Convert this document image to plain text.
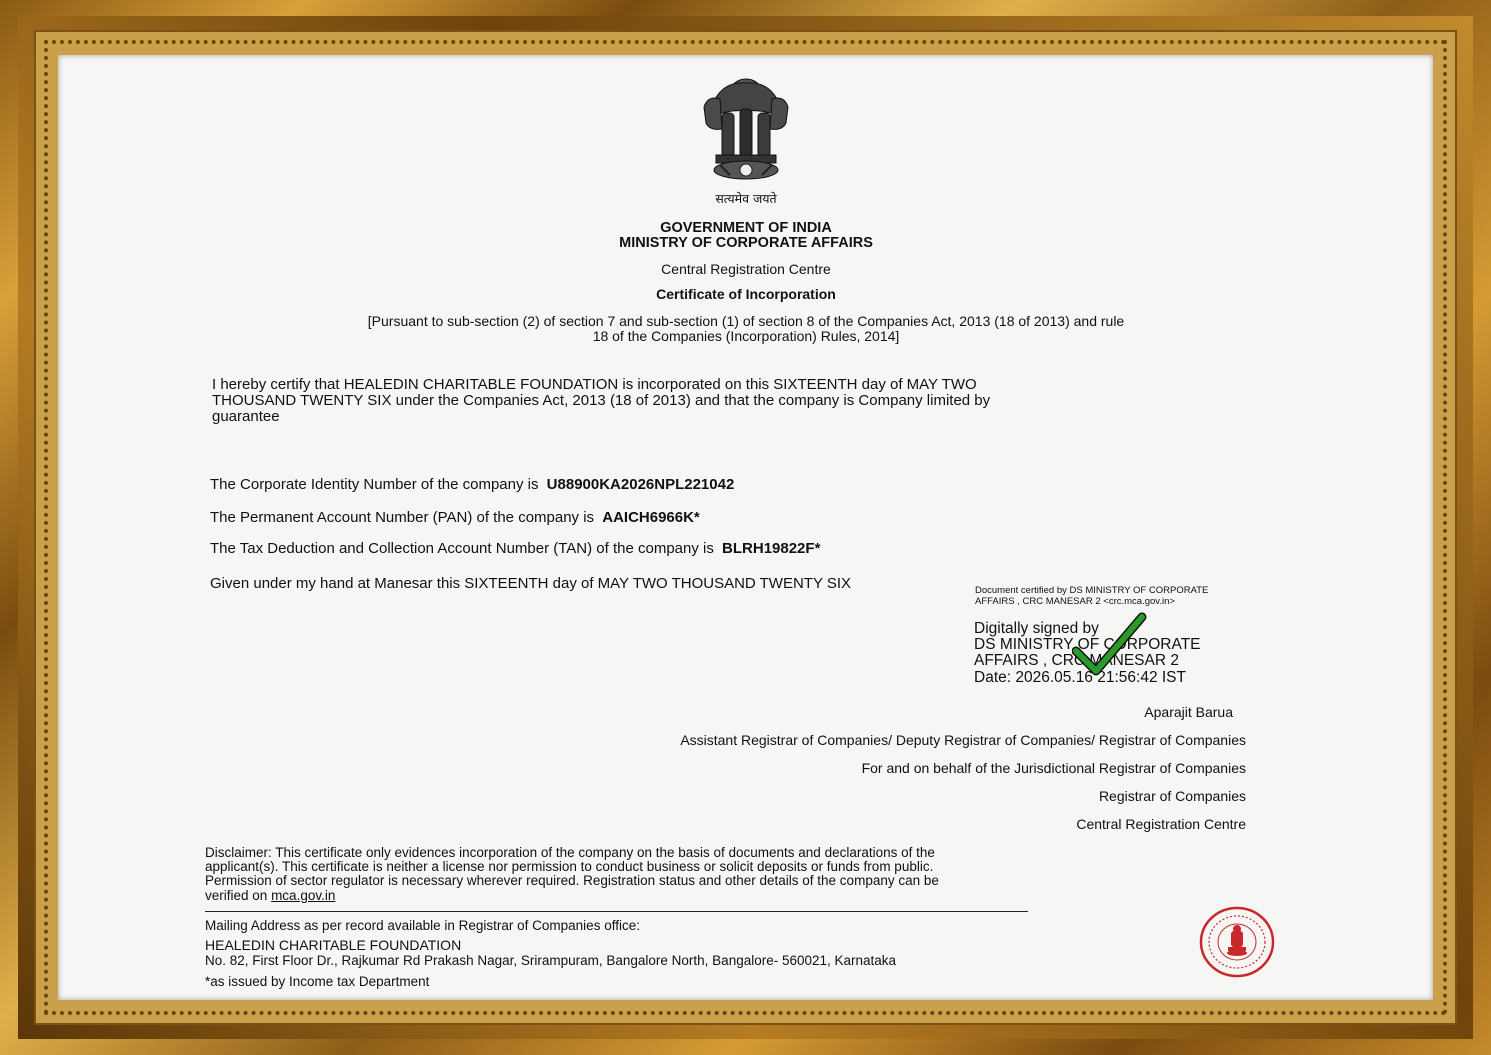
सत्यमेव जयते
GOVERNMENT OF INDIA
MINISTRY OF CORPORATE AFFAIRS
Central Registration Centre
Certificate of Incorporation
[Pursuant to sub-section (2) of section 7 and sub-section (1) of section 8 of the Companies Act, 2013 (18 of 2013) and rule
18 of the Companies (Incorporation) Rules, 2014]
I hereby certify that HEALEDIN CHARITABLE FOUNDATION is incorporated on this SIXTEENTH day of MAY TWO
THOUSAND TWENTY SIX under the Companies Act, 2013 (18 of 2013) and that the company is Company limited by
guarantee
The Corporate Identity Number of the company is U88900KA2026NPL221042
The Permanent Account Number (PAN) of the company is AAICH6966K*
The Tax Deduction and Collection Account Number (TAN) of the company is BLRH19822F*
Given under my hand at Manesar this SIXTEENTH day of MAY TWO THOUSAND TWENTY SIX	Document certified by DS MINISTRY OF CORPORATE
AFFAIRS , CRC MANESAR 2 <crc.mca.gov.in>
Digitally signed by
DS MINISTRY OF CORPORATE
AFFAIRS , CRC MANESAR 2
Date: 2026.05.16 21:56:42 IST
Aparajit Barua
Assistant Registrar of Companies/ Deputy Registrar of Companies/ Registrar of Companies
For and on behalf of the Jurisdictional Registrar of Companies
Registrar of Companies
Central Registration Centre
Disclaimer: This certificate only evidences incorporation of the company on the basis of documents and declarations of the
applicant(s). This certificate is neither a license nor permission to conduct business or solicit deposits or funds from public.
Permission of sector regulator is necessary wherever required. Registration status and other details of the company can be
verified on mca.gov.in
Mailing Address as per record available in Registrar of Companies office:
HEALEDIN CHARITABLE FOUNDATION
No. 82, First Floor Dr., Rajkumar Rd Prakash Nagar, Srirampuram, Bangalore North, Bangalore- 560021, Karnataka
*as issued by Income tax Department
